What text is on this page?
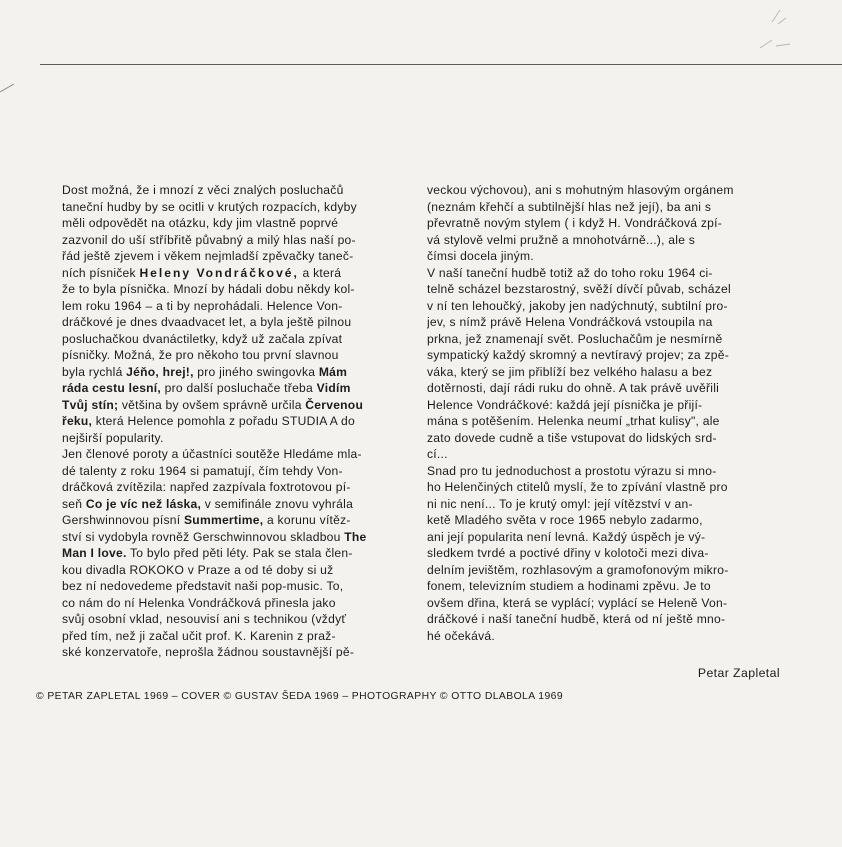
Dost možná, že i mnozí z věci znalých posluchačů
taneční hudby by se ocitli v krutých rozpacích, kdyby
měli odpovědět na otázku, kdy jim vlastně poprvé
zazvonil do uší stříbřitě půvabný a milý hlas naší po-
řád ještě zjevem i věkem nejmladší zpěvačky taneč-
ních písniček Heleny Vondráčkové, a která
že to byla písnička. Mnozí by hádali dobu někdy kol-
lem roku 1964 – a ti by neprohádali. Helence Von-
dráčkové je dnes dvaadvacet let, a byla ještě pilnou
posluchačkou dvanáctiletky, když už začala zpívat
písničky. Možná, že pro někoho tou první slavnou
byla rychlá Jéňo, hrej!, pro jiného swingovka Mám
ráda cestu lesní, pro další posluchače třeba Vidím
Tvůj stín; většina by ovšem správně určila Červenou
řeku, která Helence pomohla z pořadu STUDIA A do
nejširší popularity.
Jen členové poroty a účastníci soutěže Hledáme mla-
dé talenty z roku 1964 si pamatují, čím tehdy Von-
dráčková zvítězila: napřed zazpívala foxtrotovou pí-
seň Co je víc než láska, v semifinále znovu vyhrála
Gershwinnovou písní Summertime, a korunu vítěz-
ství si vydobyla rovněž Gerschwinnovou skladbou The
Man I love. To bylo před pěti léty. Pak se stala člen-
kou divadla ROKOKO v Praze a od té doby si už
bez ní nedovedeme představit naši pop-music. To,
co nám do ní Helenka Vondráčková přinesla jako
svůj osobní vklad, nesouvisí ani s technikou (vždyť
před tím, než ji začal učit prof. K. Karenin z praž-
ské konzervatoře, neprošla žádnou soustavnější pě-
veckou výchovou), ani s mohutným hlasovým orgánem
(neznám křehčí a subtilnější hlas než její), ba ani s
převratně novým stylem ( i když H. Vondráčková zpí-
vá stylově velmi pružně a mnohotvárně...), ale s
čímsi docela jiným.
V naší taneční hudbě totiž až do toho roku 1964 ci-
telně scházel bezstarostný, svěží dívčí půvab, scházel
v ní ten lehoučký, jakoby jen nadýchnutý, subtilní pro-
jev, s nímž právě Helena Vondráčková vstoupila na
prkna, jež znamenají svět. Posluchačům je nesmírně
sympatický každý skromný a nevtíravý projev; za zpě-
váka, který se jim přiblíží bez velkého halasu a bez
dotěrnosti, dají rádi ruku do ohně. A tak právě uvěřili
Helence Vondráčkové: každá její písnička je přijí-
mána s potěšením. Helenka neumí „trhat kulisy", ale
zato dovede cudně a tiše vstupovat do lidských srd-
cí...
Snad pro tu jednoduchost a prostotu výrazu si mno-
ho Helenčiných ctitelů myslí, že to zpívání vlastně pro
ni nic není... To je krutý omyl: její vítězství v an-
ketě Mladého světa v roce 1965 nebylo zadarmo,
ani její popularita není levná. Každý úspěch je vý-
sledkem tvrdé a poctivé dřiny v kolotoči mezi diva-
delním jevištěm, rozhlasovým a gramofonovým mikro-
fonem, televizním studiem a hodinami zpěvu. Je to
ovšem dřina, která se vyplácí; vyplácí se Heleně Von-
dráčkové i naší taneční hudbě, která od ní ještě mno-
hé očekává.
Petar Zapletal
© PETAR ZAPLETAL 1969 – COVER © GUSTAV ŠEDA 1969 – PHOTOGRAPHY © OTTO DLABOLA 1969
